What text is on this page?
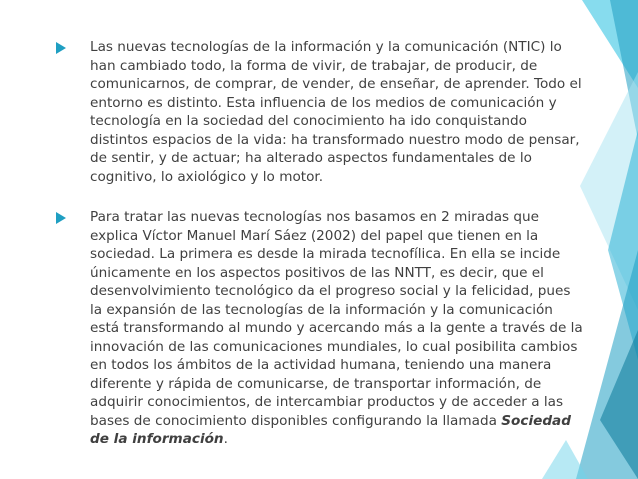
Las nuevas tecnologías de la información y la comunicación (NTIC) lo han cambiado todo, la forma de vivir, de trabajar, de producir, de comunicarnos, de comprar, de vender, de enseñar, de aprender. Todo el entorno es distinto. Esta influencia de los medios de comunicación y tecnología en la sociedad del conocimiento ha ido conquistando distintos espacios de la vida: ha transformado nuestro modo de pensar, de sentir, y de actuar; ha alterado aspectos fundamentales de lo cognitivo, lo axiológico y lo motor.
Para tratar las nuevas tecnologías nos basamos en 2 miradas que explica Víctor Manuel Marí Sáez (2002) del papel que tienen en la sociedad. La primera es desde la mirada tecnofílica. En ella se incide únicamente en los aspectos positivos de las NNTT, es decir, que el desenvolvimiento tecnológico da el progreso social y la felicidad, pues la expansión de las tecnologías de la información y la comunicación está transformando al mundo y acercando más a la gente a través de la innovación de las comunicaciones mundiales, lo cual posibilita cambios en todos los ámbitos de la actividad humana, teniendo una manera diferente y rápida de comunicarse, de transportar información, de adquirir conocimientos, de intercambiar productos y de acceder a las bases de conocimiento disponibles configurando la llamada Sociedad de la información.
